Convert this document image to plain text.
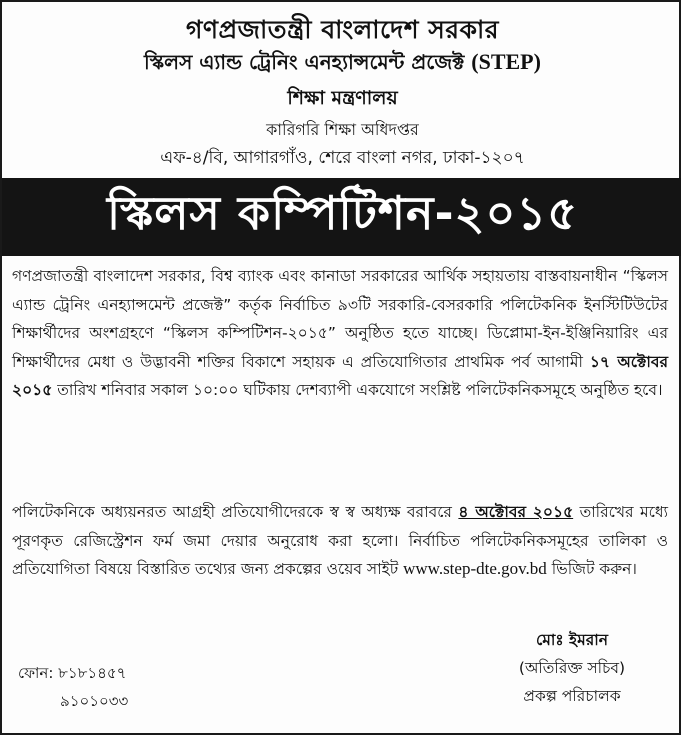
গণপ্রজাতন্ত্রী বাংলাদেশ সরকার
স্কিলস এ্যান্ড ট্রেনিং এনহ্যান্সমেন্ট প্রজেক্ট (STEP)
শিক্ষা মন্ত্রণালয়
কারিগরি শিক্ষা অধিদপ্তর
এফ-৪/বি, আগারগাঁও, শেরে বাংলা নগর, ঢাকা-১২০৭
স্কিলস কম্পিটিশন-২০১৫
গণপ্রজাতন্ত্রী বাংলাদেশ সরকার, বিশ্ব ব্যাংক এবং কানাডা সরকারের আর্থিক সহায়তায় বাস্তবায়নাধীন “স্কিলস এ্যান্ড ট্রেনিং এনহ্যান্সমেন্ট প্রজেক্ট” কর্তৃক নির্বাচিত ৯৩টি সরকারি-বেসরকারি পলিটেকনিক ইনস্টিটিউটের শিক্ষার্থীদের অংশগ্রহণে “স্কিলস কম্পিটিশন-২০১৫” অনুষ্ঠিত হতে যাচ্ছে। ডিপ্লোমা-ইন-ইঞ্জিনিয়ারিং এর শিক্ষার্থীদের মেধা ও উদ্ভাবনী শক্তির বিকাশে সহায়ক এ প্রতিযোগিতার প্রাথমিক পর্ব আগামী ১৭ অক্টোবর ২০১৫ তারিখ শনিবার সকাল ১০:০০ ঘটিকায় দেশব্যাপী একযোগে সংশ্লিষ্ট পলিটেকনিকসমূহে অনুষ্ঠিত হবে।
পলিটেকনিকে অধ্যয়নরত আগ্রহী প্রতিযোগীদেরকে স্ব স্ব অধ্যক্ষ বরাবরে ৪ অক্টোবর ২০১৫ তারিখের মধ্যে পূরণকৃত রেজিস্ট্রেশন ফর্ম জমা দেয়ার অনুরোধ করা হলো। নির্বাচিত পলিটেকনিকসমূহের তালিকা ও প্রতিযোগিতা বিষয়ে বিস্তারিত তথ্যের জন্য প্রকল্পের ওয়েব সাইট www.step-dte.gov.bd ভিজিট করুন।
ফোন: ৮১৮১৪৫৭
৯১০১০৩৩
মোঃ ইমরান
(অতিরিক্ত সচিব)
প্রকল্প পরিচালক
